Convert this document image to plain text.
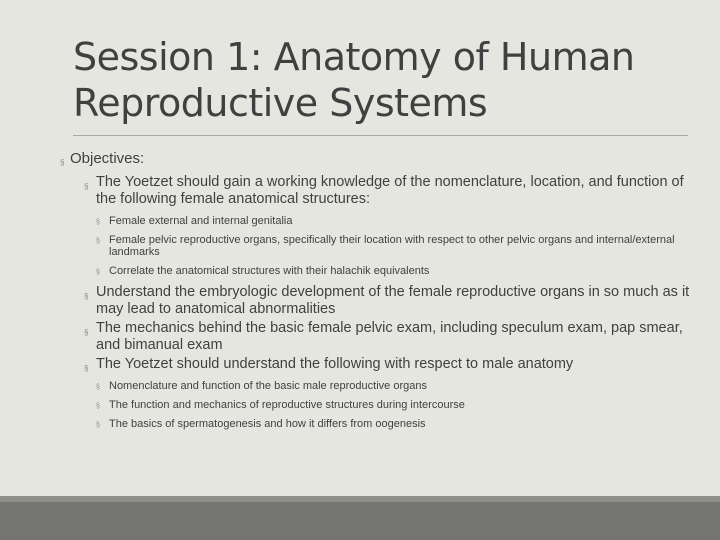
Session 1: Anatomy of Human Reproductive Systems
§ Objectives:
§ The Yoetzet should gain a working knowledge of the nomenclature, location, and function of the following female anatomical structures:
§ Female external and internal genitalia
§ Female pelvic reproductive organs, specifically their location with respect to other pelvic organs and internal/external landmarks
§ Correlate the anatomical structures with their halachik equivalents
§ Understand the embryologic development of the female reproductive organs in so much as it may lead to anatomical abnormalities
§ The mechanics behind the basic female pelvic exam, including speculum exam, pap smear, and bimanual exam
§ The Yoetzet should understand the following with respect to male anatomy
§ Nomenclature and function of the basic male reproductive organs
§ The function and mechanics of reproductive structures during intercourse
§ The basics of spermatogenesis and how it differs from oogenesis
